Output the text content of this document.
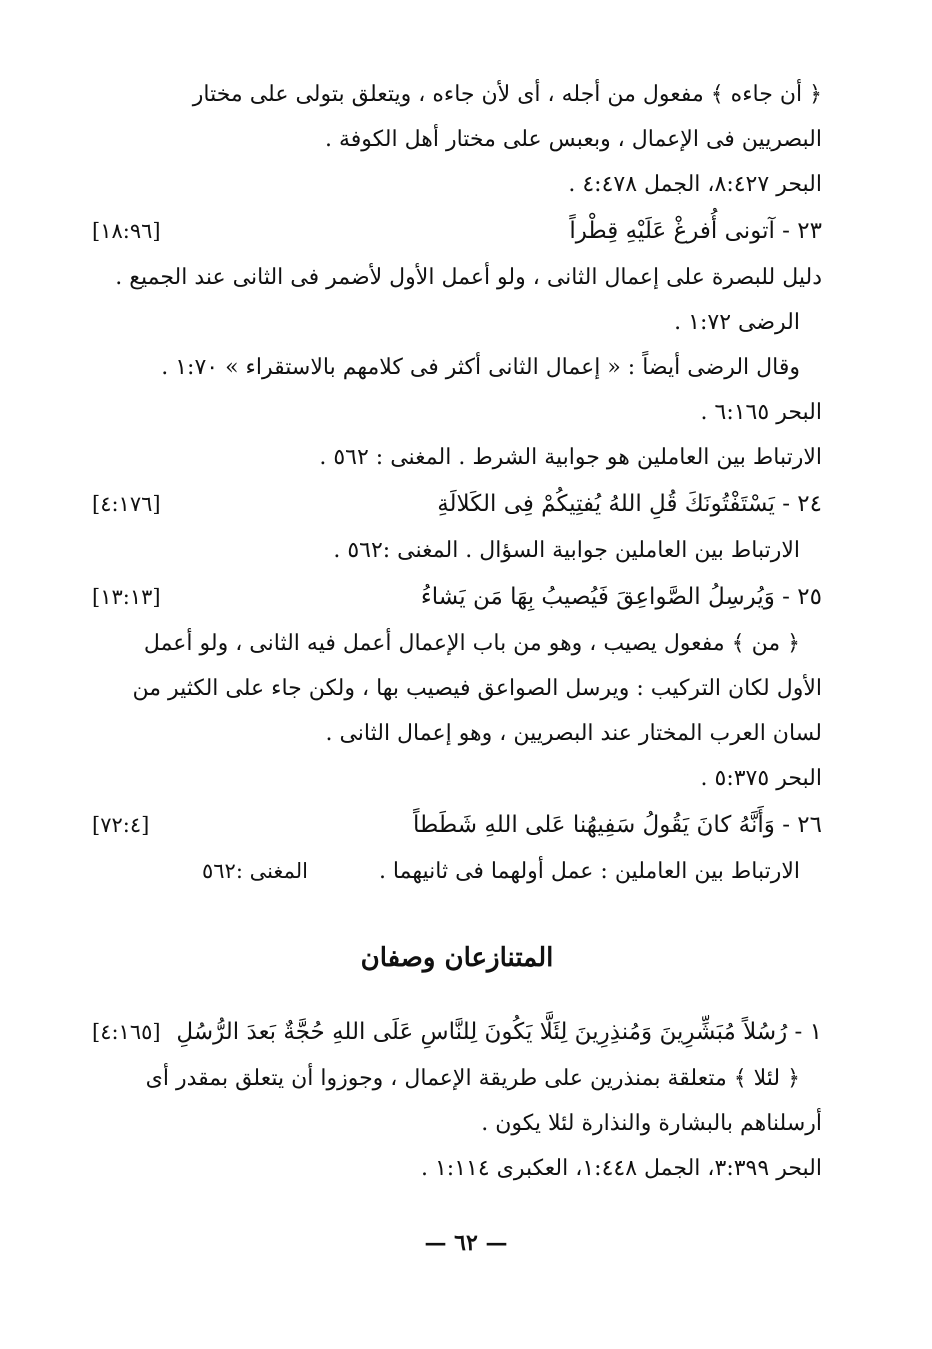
﴿ أن جاءه ﴾ مفعول من أجله ، أى لأن جاءه ، ويتعلق بتولى على مختار
البصريين فى الإعمال ، وبعبس على مختار أهل الكوفة .
البحر ٨:٤٢٧، الجمل ٤:٤٧٨ .
٢٣ - آتونى أُفرغْ عَلَيْهِ قِطْراً
[١٨:٩٦]
دليل للبصرة على إعمال الثانى ، ولو أعمل الأول لأضمر فى الثانى عند الجميع .
الرضى ١:٧٢ .
وقال الرضى أيضاً : « إعمال الثانى أكثر فى كلامهم بالاستقراء » ١:٧٠ .
البحر ٦:١٦٥ .
الارتباط بين العاملين هو جوابية الشرط . المغنى : ٥٦٢ .
٢٤ - يَسْتَفْتُونَكَ قُلِ اللهُ يُفتِيكُمْ فِى الكَلالَةِ
[٤:١٧٦]
الارتباط بين العاملين جوابية السؤال . المغنى :٥٦٢ .
٢٥ - وَيُرسِلُ الصَّواعِقَ فَيُصيبُ بِهَا مَن يَشاءُ
[١٣:١٣]
﴿ من ﴾ مفعول يصيب ، وهو من باب الإعمال أعمل فيه الثانى ، ولو أعمل
الأول لكان التركيب : ويرسل الصواعق فيصيب بها ، ولكن جاء على الكثير من
لسان العرب المختار عند البصريين ، وهو إعمال الثانى .
البحر ٥:٣٧٥ .
٢٦ - وَأَنَّهُ كانَ يَقُولُ سَفِيهُنا عَلى اللهِ شَطَطاً
[٧٢:٤]
الارتباط بين العاملين : عمل أولهما فى ثانيهما .
المغنى :٥٦٢
المتنازعان وصفان
١ - رُسُلاً مُبَشِّرِينَ وَمُنذِرِينَ لِئَلَّا يَكُونَ لِلنَّاسِ عَلَى اللهِ حُجَّةٌ بَعدَ الرُّسُلِ
[٤:١٦٥]
﴿ لئلا ﴾ متعلقة بمنذرين على طريقة الإعمال ، وجوزوا أن يتعلق بمقدر أى
أرسلناهم بالبشارة والنذارة لئلا يكون .
البحر ٣:٣٩٩، الجمل ١:٤٤٨، العكبرى ١:١١٤ .
— ٦٢ —
